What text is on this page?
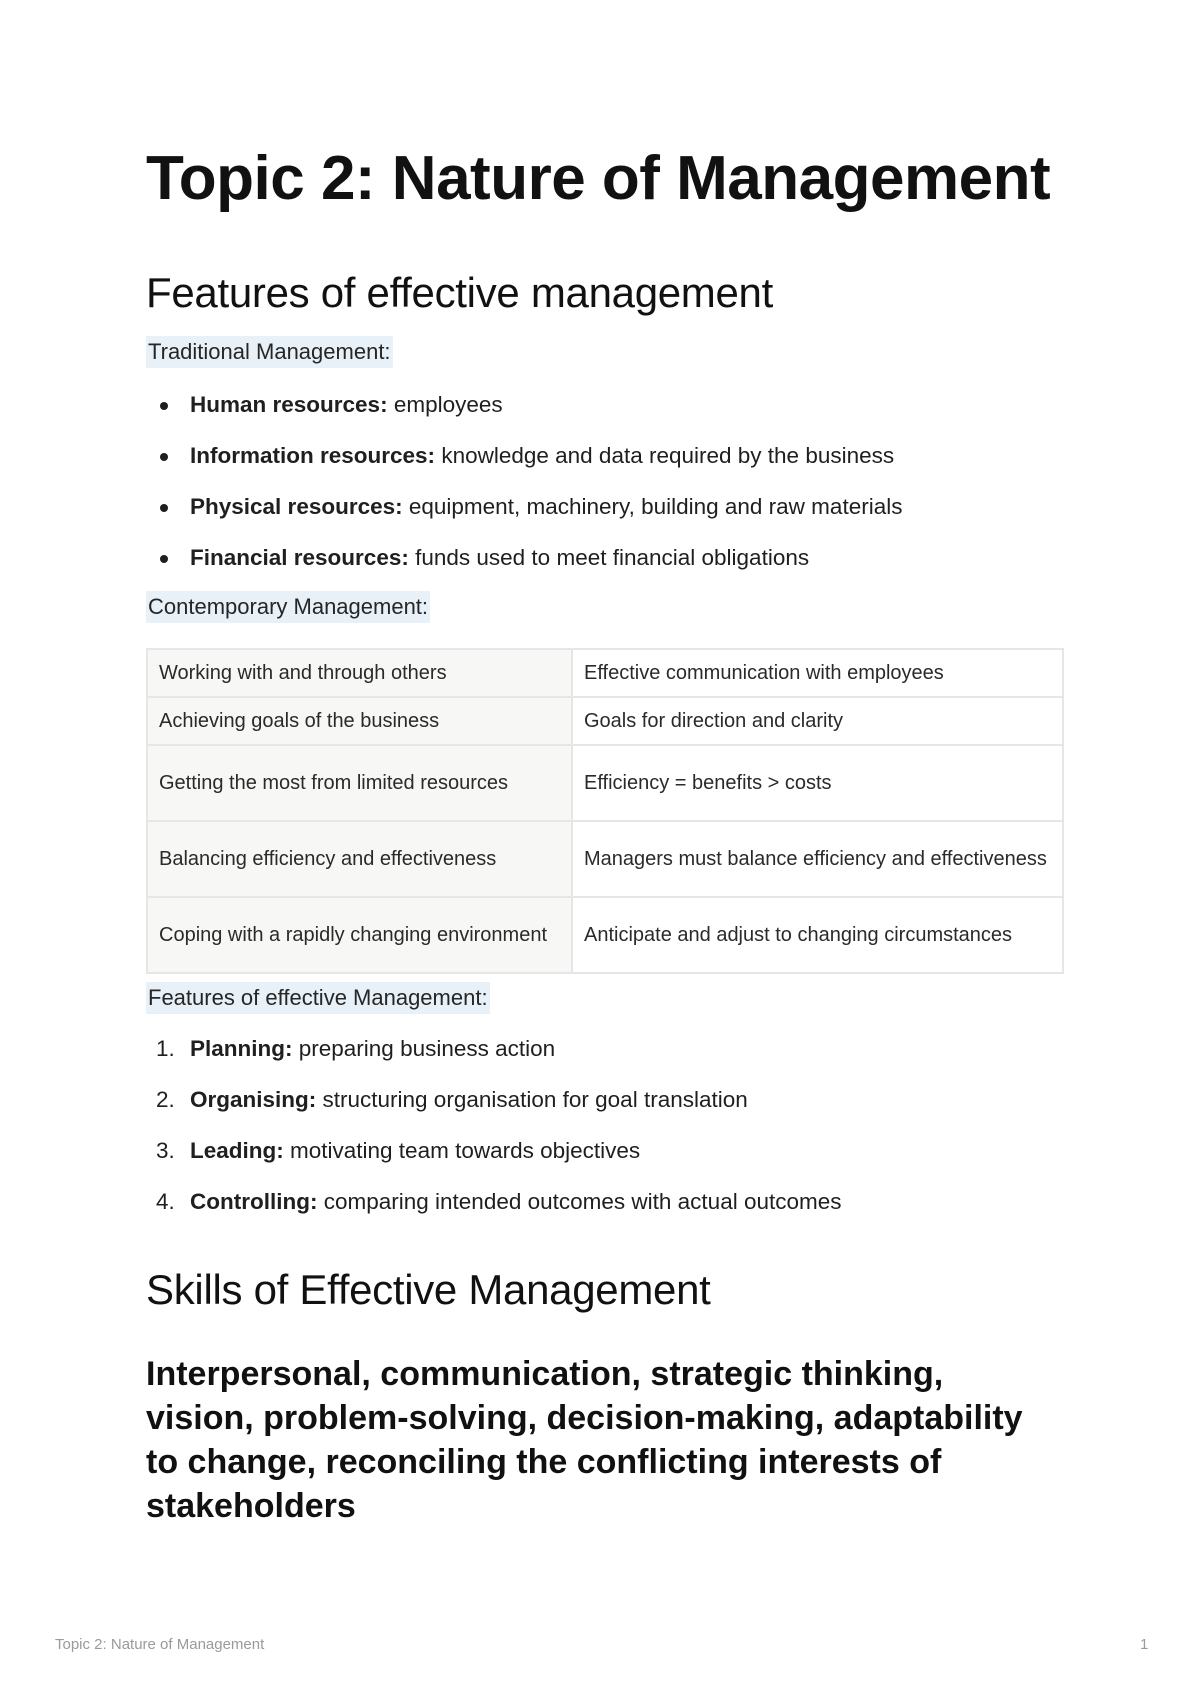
Topic 2: Nature of Management
Features of effective management
Traditional Management:
Human resources: employees
Information resources: knowledge and data required by the business
Physical resources: equipment, machinery, building and raw materials
Financial resources: funds used to meet financial obligations
Contemporary Management:
Working with and through others	Effective communication with employees
Achieving goals of the business	Goals for direction and clarity
Getting the most from limited resources	Efficiency = benefits > costs
Balancing efficiency and effectiveness	Managers must balance efficiency and effectiveness
Coping with a rapidly changing environment	Anticipate and adjust to changing circumstances
Features of effective Management:
1. Planning: preparing business action
2. Organising: structuring organisation for goal translation
3. Leading: motivating team towards objectives
4. Controlling: comparing intended outcomes with actual outcomes
Skills of Effective Management
Interpersonal, communication, strategic thinking, vision, problem-solving, decision-making, adaptability to change, reconciling the conflicting interests of stakeholders
Topic 2: Nature of Management	1
